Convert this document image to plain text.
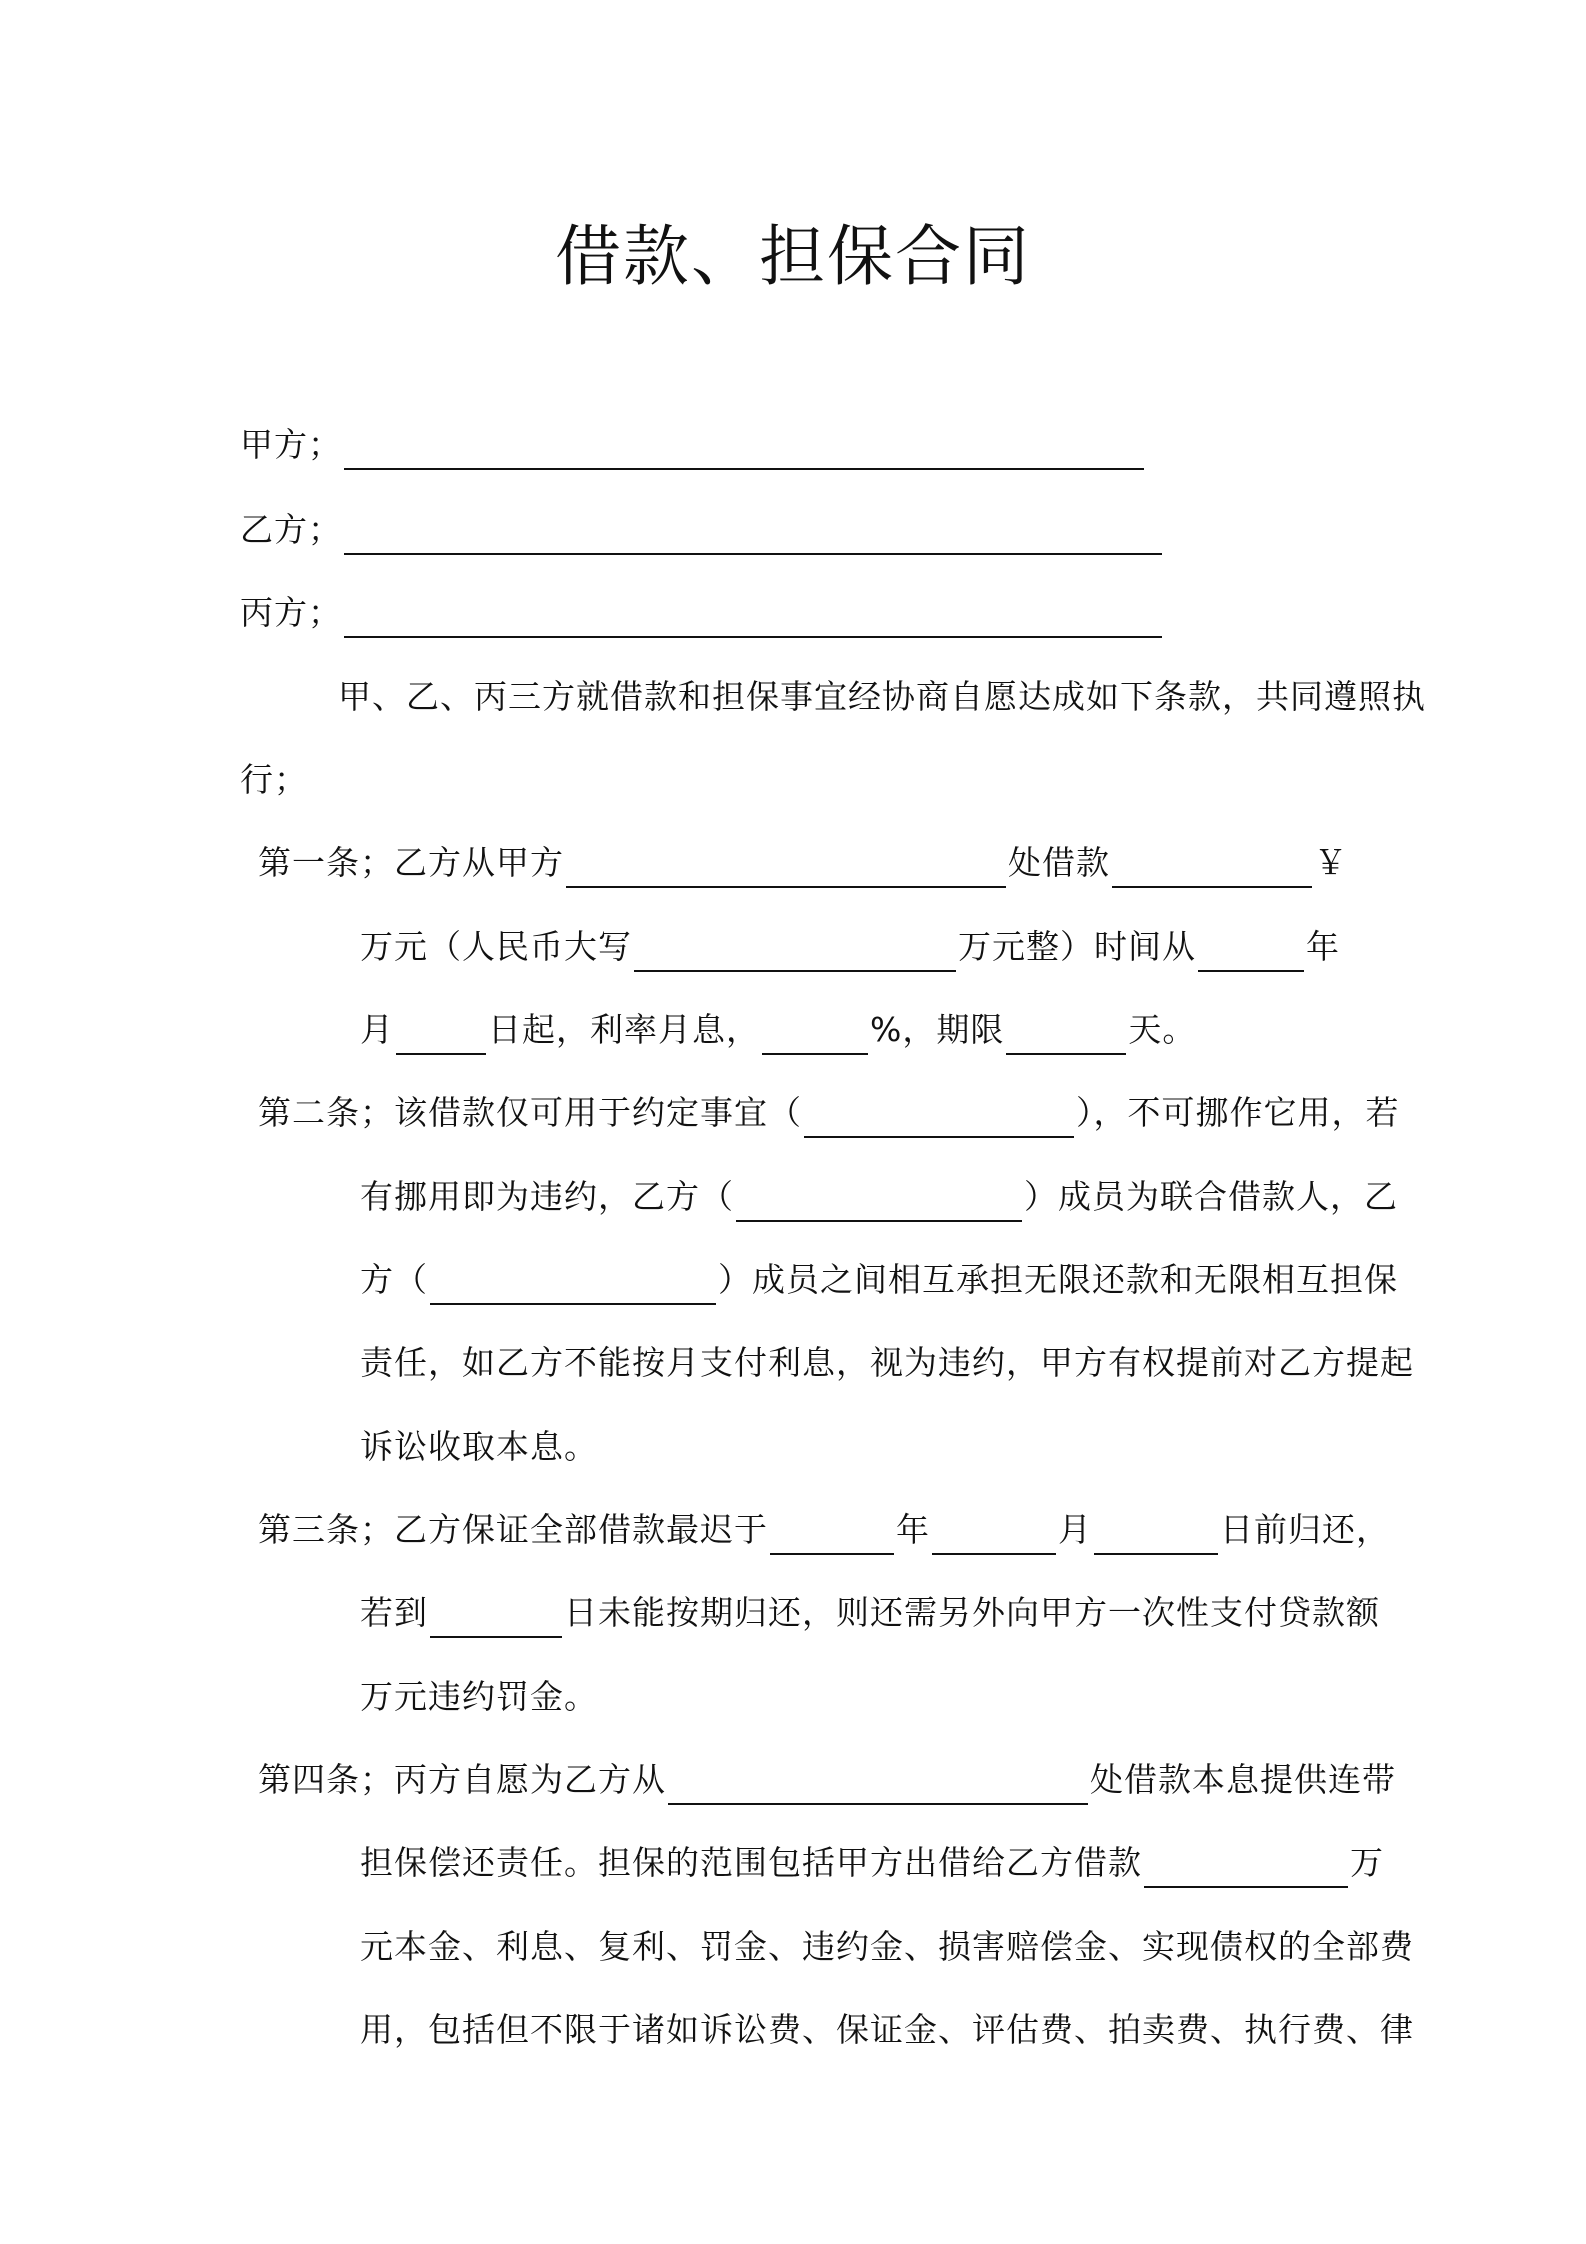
借款、担保合同
甲方；
乙方；
丙方；
甲、乙、丙三方就借款和担保事宜经协商自愿达成如下条款，共同遵照执
行；
第一条；乙方从甲方	处借款	￥
万元（人民币大写	万元整）时间从	年
月	日起，利率月息，	%，期限	天。
第二条；该借款仅可用于约定事宜（	），不可挪作它用，若
有挪用即为违约，乙方（	）成员为联合借款人，乙
方（	）成员之间相互承担无限还款和无限相互担保
责任，如乙方不能按月支付利息，视为违约，甲方有权提前对乙方提起
诉讼收取本息。
第三条；乙方保证全部借款最迟于	年	月	日前归还，
若到	日未能按期归还，则还需另外向甲方一次性支付贷款额
万元违约罚金。
第四条；丙方自愿为乙方从	处借款本息提供连带
担保偿还责任。担保的范围包括甲方出借给乙方借款	万
元本金、利息、复利、罚金、违约金、损害赔偿金、实现债权的全部费
用，包括但不限于诸如诉讼费、保证金、评估费、拍卖费、执行费、律
